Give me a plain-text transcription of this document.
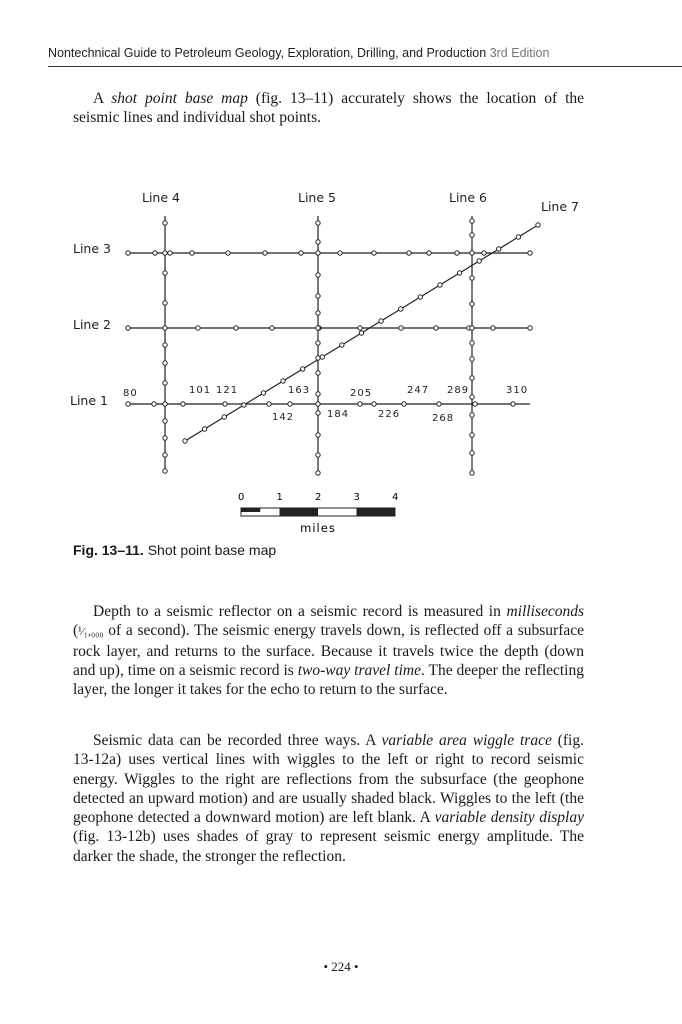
Nontechnical Guide to Petroleum Geology, Exploration, Drilling, and Production 3rd Edition

A shot point base map (fig. 13–11) accurately shows the location of the seismic lines and individual shot points.

Line 4	Line 5	Line 6
Line 7
Line 3
Line 2
Line 1 80	101 121	163	205	247 289	310
142	184	226	268
0	1	2	3	4
miles
Fig. 13–11. Shot point base map

Depth to a seismic reflector on a seismic record is measured in milliseconds (¹⁄₁,₀₀₀ of a second). The seismic energy travels down, is reflected off a subsurface rock layer, and returns to the surface. Because it travels twice the depth (down and up), time on a seismic record is two-way travel time. The deeper the reflecting layer, the longer it takes for the echo to return to the surface.

Seismic data can be recorded three ways. A variable area wiggle trace (fig. 13-12a) uses vertical lines with wiggles to the left or right to record seismic energy. Wiggles to the right are reflections from the subsurface (the geophone detected an upward motion) and are usually shaded black. Wiggles to the left (the geophone detected a downward motion) are left blank. A variable density display (fig. 13-12b) uses shades of gray to represent seismic energy amplitude. The darker the shade, the stronger the reflection.

• 224 •
